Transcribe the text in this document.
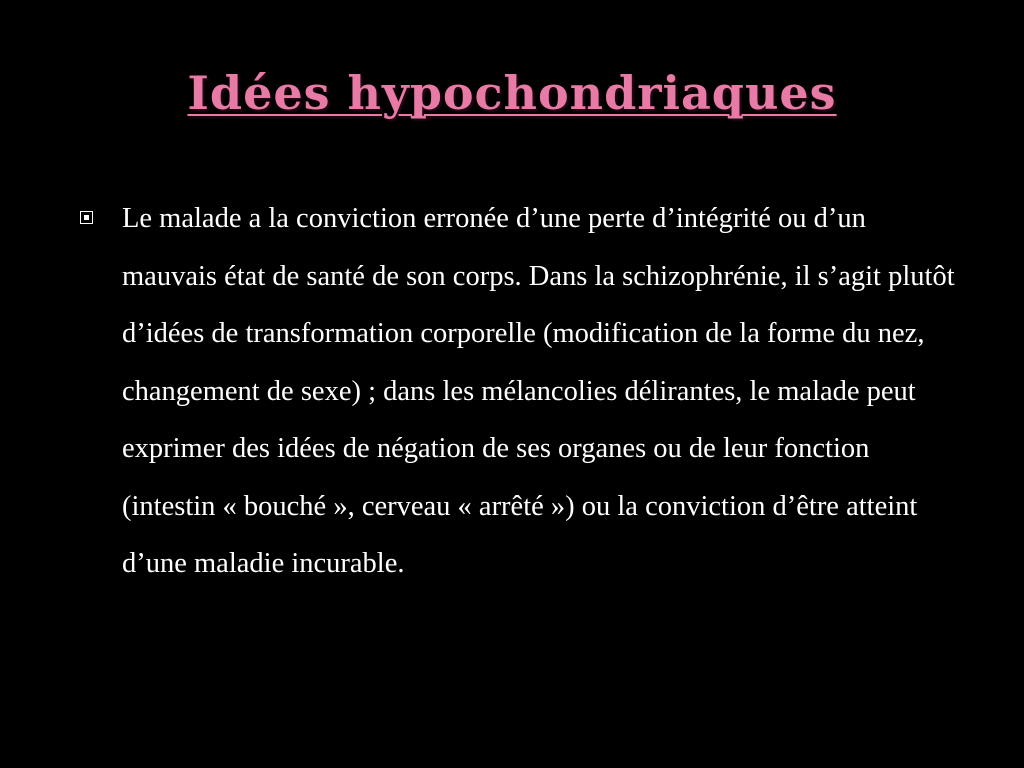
Idées hypochondriaques

Le malade a la conviction erronée d’une perte d’intégrité ou d’un mauvais état de santé de son corps. Dans la schizophrénie, il s’agit plutôt d’idées de transformation corporelle (modification de la forme du nez, changement de sexe) ; dans les mélancolies délirantes, le malade peut exprimer des idées de négation de ses organes ou de leur fonction (intestin « bouché », cerveau « arrêté ») ou la conviction d’être atteint d’une maladie incurable.
